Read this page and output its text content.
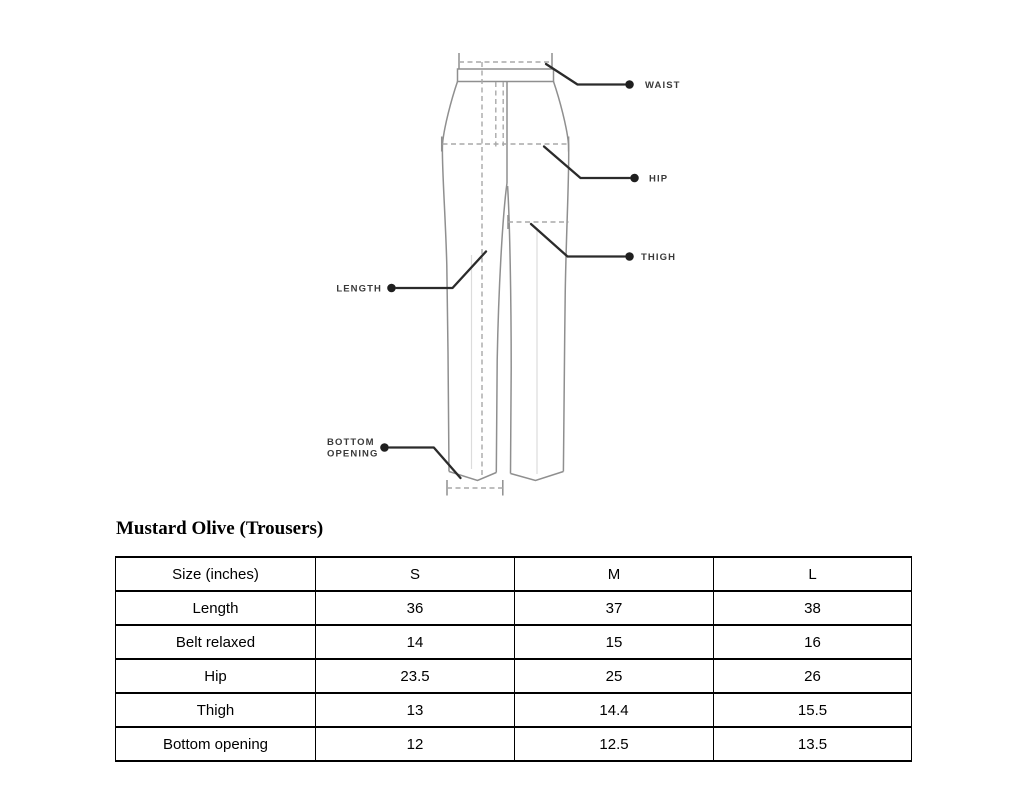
WAIST
HIP
THIGH
LENGTH
BOTTOM
OPENING
Mustard Olive (Trousers)
Size (inches)	S	M	L
Length	36	37	38
Belt relaxed	14	15	16
Hip	23.5	25	26
Thigh	13	14.4	15.5
Bottom opening	12	12.5	13.5
